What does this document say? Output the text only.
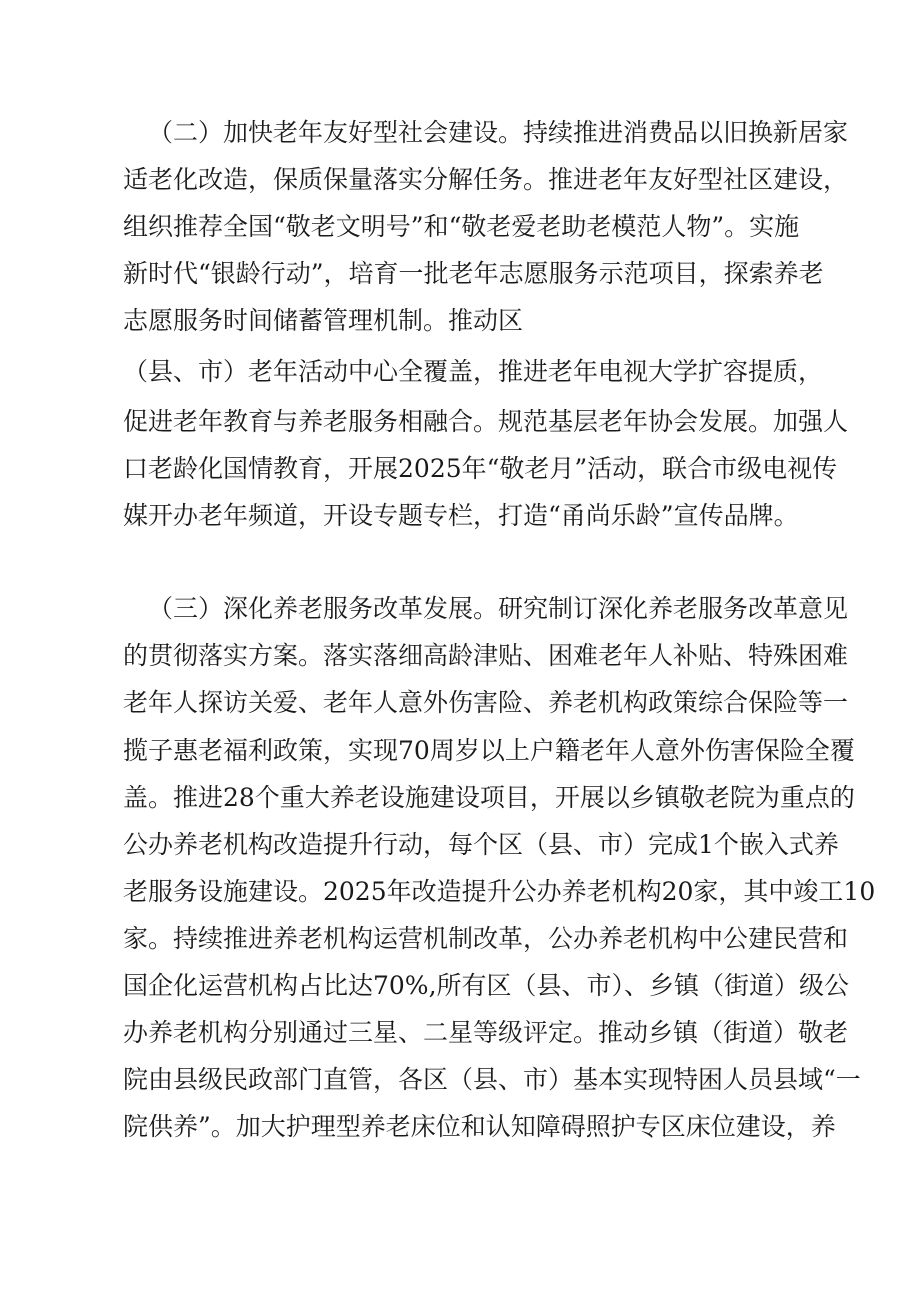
（二）加快老年友好型社会建设。持续推进消费品以旧换新居家

适老化改造，保质保量落实分解任务。推进老年友好型社区建设，

组织推荐全国“敬老文明号”和“敬老爱老助老模范人物”。实施

新时代“银龄行动”，培育一批老年志愿服务示范项目，探索养老

志愿服务时间储蓄管理机制。推动区

（县、市）老年活动中心全覆盖，推进老年电视大学扩容提质，

促进老年教育与养老服务相融合。规范基层老年协会发展。加强人

口老龄化国情教育，开展2025年“敬老月”活动，联合市级电视传

媒开办老年频道，开设专题专栏，打造“甬尚乐龄”宣传品牌。

（三）深化养老服务改革发展。研究制订深化养老服务改革意见

的贯彻落实方案。落实落细高龄津贴、困难老年人补贴、特殊困难

老年人探访关爱、老年人意外伤害险、养老机构政策综合保险等一

揽子惠老福利政策，实现70周岁以上户籍老年人意外伤害保险全覆

盖。推进28个重大养老设施建设项目，开展以乡镇敬老院为重点的

公办养老机构改造提升行动，每个区（县、市）完成1个嵌入式养

老服务设施建设。2025年改造提升公办养老机构20家，其中竣工10

家。持续推进养老机构运营机制改革，公办养老机构中公建民营和

国企化运营机构占比达70%,所有区（县、市）、乡镇（街道）级公

办养老机构分别通过三星、二星等级评定。推动乡镇（街道）敬老

院由县级民政部门直管，各区（县、市）基本实现特困人员县域“一

院供养”。加大护理型养老床位和认知障碍照护专区床位建设，养
